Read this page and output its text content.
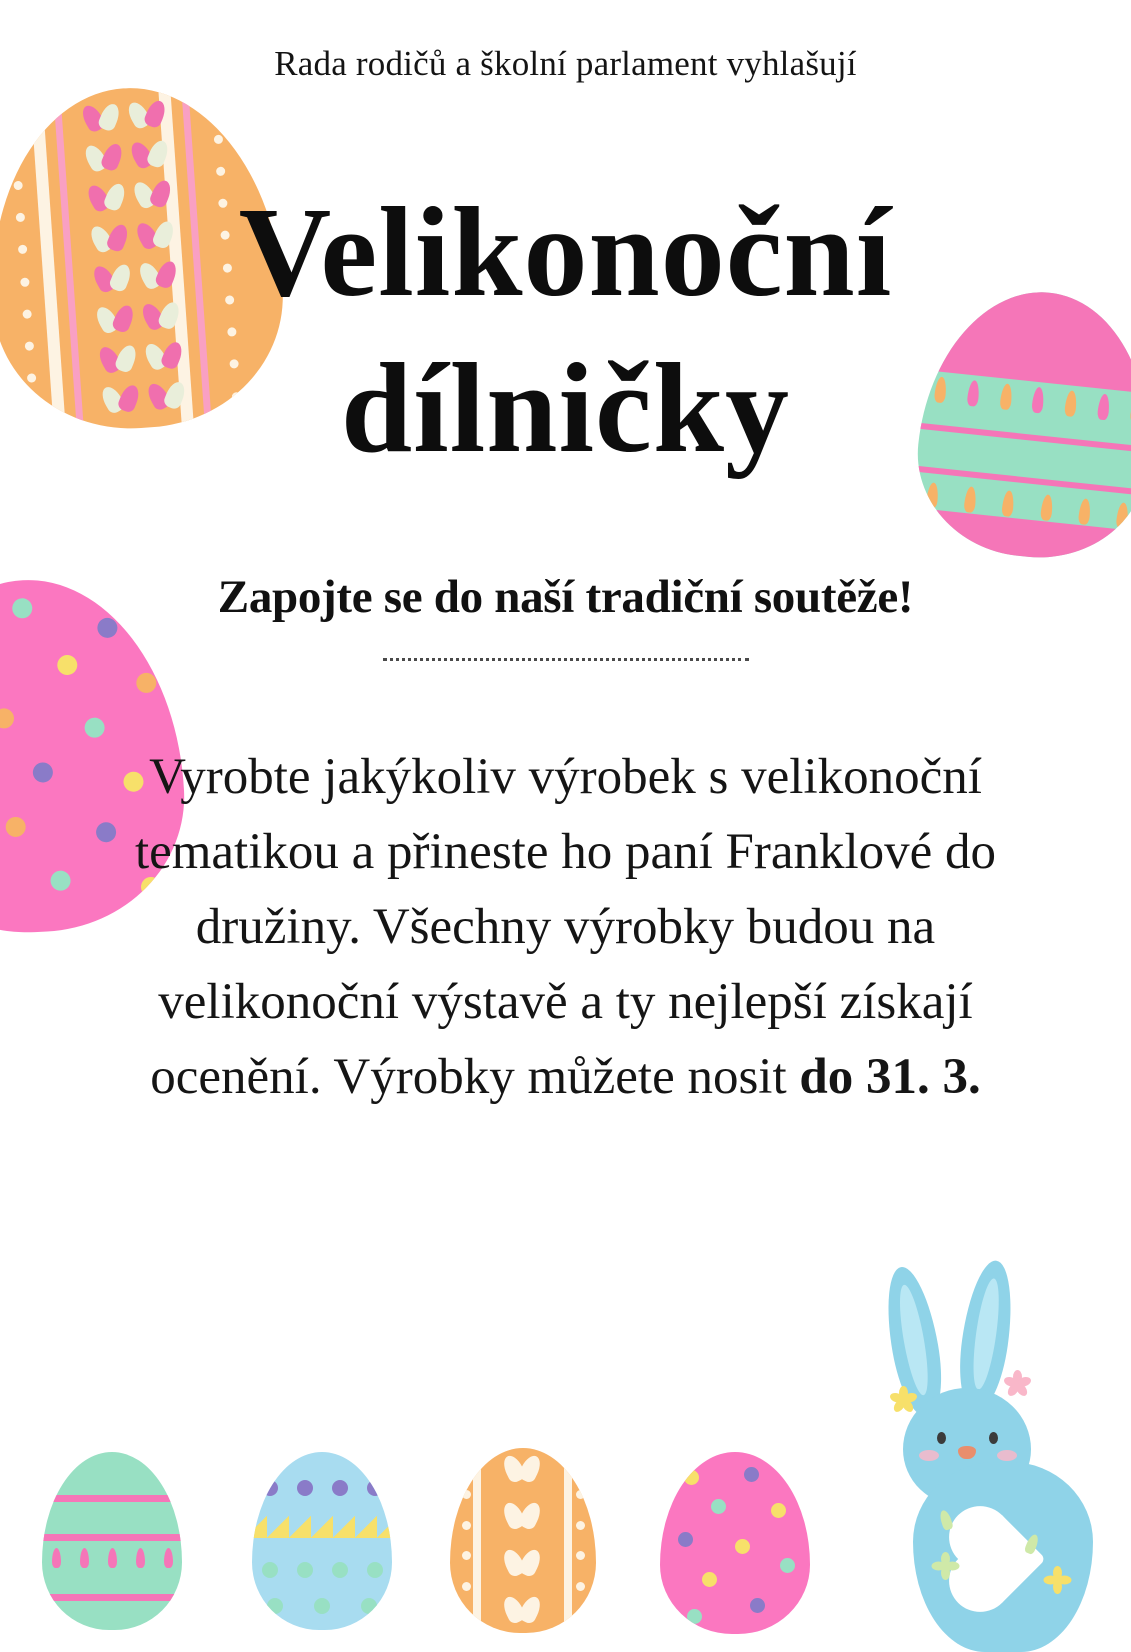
Rada rodičů a školní parlament vyhlašují
Velikonoční
dílničky
Zapojte se do naší tradiční soutěže!
Vyrobte jakýkoliv výrobek s velikonoční tematikou a přineste ho paní Franklové do družiny. Všechny výrobky budou na velikonoční výstavě a ty nejlepší získají ocenění. Výrobky můžete nosit do 31. 3.
